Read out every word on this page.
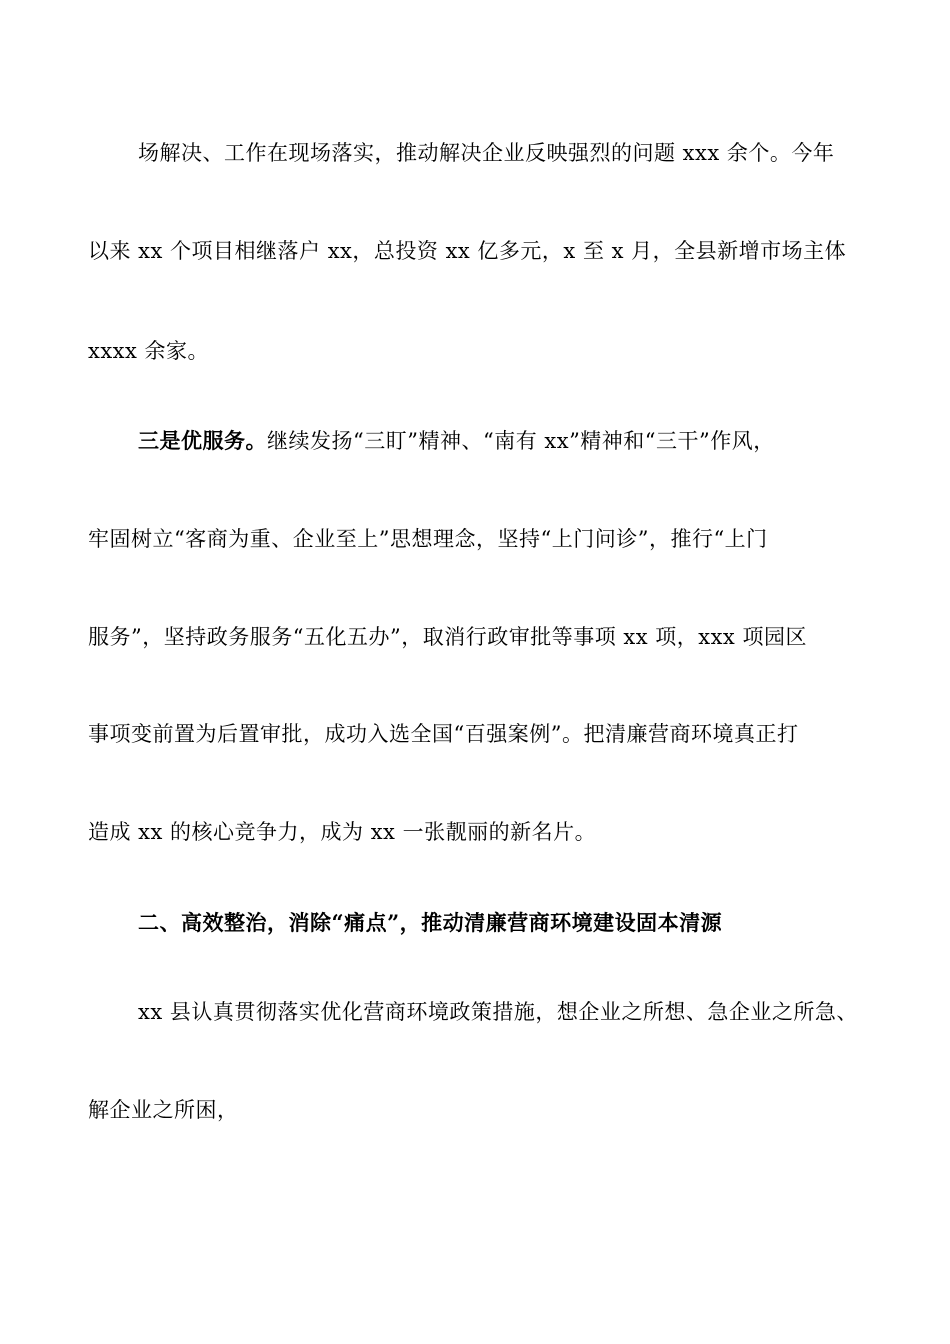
场解决、工作在现场落实，推动解决企业反映强烈的问题 xxx 余个。今年
以来 xx 个项目相继落户 xx，总投资 xx 亿多元，x 至 x 月，全县新增市场主体
xxxx 余家。
三是优服务。继续发扬“三盯”精神、“南有 xx”精神和“三干”作风，
牢固树立“客商为重、企业至上”思想理念，坚持“上门问诊”，推行“上门
服务”，坚持政务服务“五化五办”，取消行政审批等事项 xx 项，xxx 项园区
事项变前置为后置审批，成功入选全国“百强案例”。把清廉营商环境真正打
造成 xx 的核心竞争力，成为 xx 一张靓丽的新名片。
二、高效整治，消除“痛点”，推动清廉营商环境建设固本清源
xx 县认真贯彻落实优化营商环境政策措施，想企业之所想、急企业之所急、
解企业之所困，
